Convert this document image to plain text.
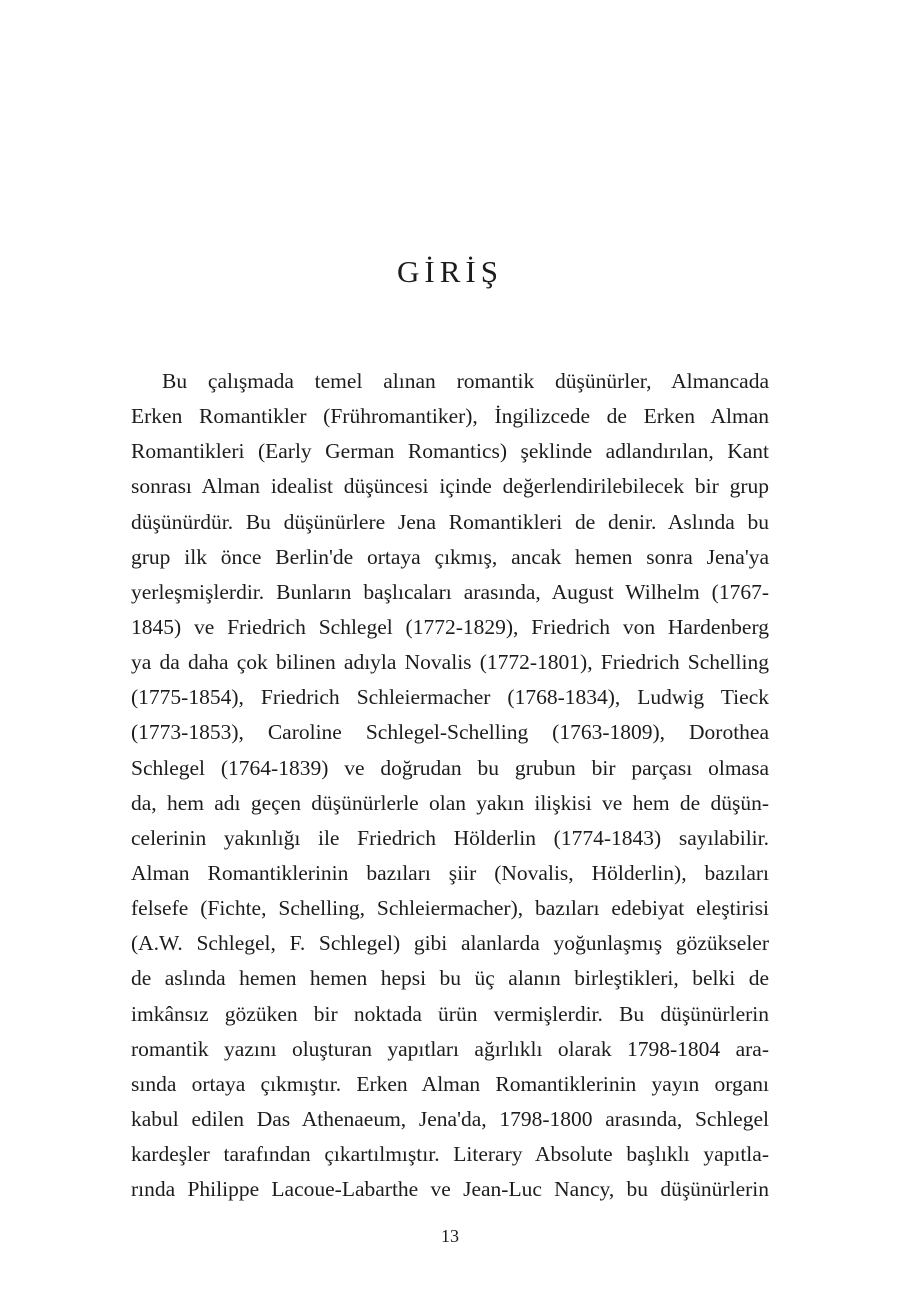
GİRİŞ
Bu çalışmada temel alınan romantik düşünürler, Almancada
Erken Romantikler (Frühromantiker), İngilizcede de Erken Alman
Romantikleri (Early German Romantics) şeklinde adlandırılan, Kant
sonrası Alman idealist düşüncesi içinde değerlendirilebilecek bir grup
düşünürdür. Bu düşünürlere Jena Romantikleri de denir. Aslında bu
grup ilk önce Berlin'de ortaya çıkmış, ancak hemen sonra Jena'ya
yerleşmişlerdir. Bunların başlıcaları arasında, August Wilhelm (1767-
1845) ve Friedrich Schlegel (1772-1829), Friedrich von Hardenberg
ya da daha çok bilinen adıyla Novalis (1772-1801), Friedrich Schelling
(1775-1854), Friedrich Schleiermacher (1768-1834), Ludwig Tieck
(1773-1853), Caroline Schlegel-Schelling (1763-1809), Dorothea
Schlegel (1764-1839) ve doğrudan bu grubun bir parçası olmasa
da, hem adı geçen düşünürlerle olan yakın ilişkisi ve hem de düşün-
celerinin yakınlığı ile Friedrich Hölderlin (1774-1843) sayılabilir.
Alman Romantiklerinin bazıları şiir (Novalis, Hölderlin), bazıları
felsefe (Fichte, Schelling, Schleiermacher), bazıları edebiyat eleştirisi
(A.W. Schlegel, F. Schlegel) gibi alanlarda yoğunlaşmış gözükseler
de aslında hemen hemen hepsi bu üç alanın birleştikleri, belki de
imkânsız gözüken bir noktada ürün vermişlerdir. Bu düşünürlerin
romantik yazını oluşturan yapıtları ağırlıklı olarak 1798-1804 ara-
sında ortaya çıkmıştır. Erken Alman Romantiklerinin yayın organı
kabul edilen Das Athenaeum, Jena'da, 1798-1800 arasında, Schlegel
kardeşler tarafından çıkartılmıştır. Literary Absolute başlıklı yapıtla-
rında Philippe Lacoue-Labarthe ve Jean-Luc Nancy, bu düşünürlerin
13
